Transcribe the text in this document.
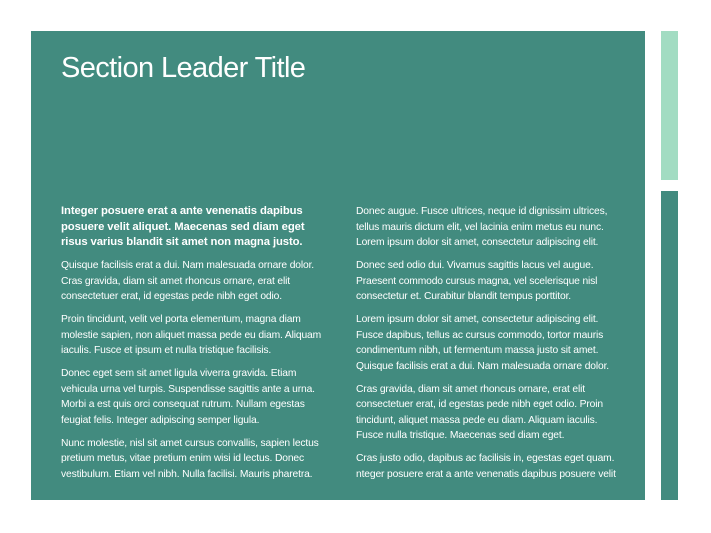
Section Leader Title

Integer posuere erat a ante venenatis dapibus posuere velit aliquet. Maecenas sed diam eget risus varius blandit sit amet non magna justo.

Quisque facilisis erat a dui. Nam malesuada ornare dolor. Cras gravida, diam sit amet rhoncus ornare, erat elit consectetuer erat, id egestas pede nibh eget odio.

Proin tincidunt, velit vel porta elementum, magna diam molestie sapien, non aliquet massa pede eu diam. Aliquam iaculis. Fusce et ipsum et nulla tristique facilisis.

Donec eget sem sit amet ligula viverra gravida. Etiam vehicula urna vel turpis. Suspendisse sagittis ante a urna. Morbi a est quis orci consequat rutrum. Nullam egestas feugiat felis. Integer adipiscing semper ligula.

Nunc molestie, nisl sit amet cursus convallis, sapien lectus pretium metus, vitae pretium enim wisi id lectus. Donec vestibulum. Etiam vel nibh. Nulla facilisi. Mauris pharetra.

Donec augue. Fusce ultrices, neque id dignissim ultrices, tellus mauris dictum elit, vel lacinia enim metus eu nunc. Lorem ipsum dolor sit amet, consectetur adipiscing elit.

Donec sed odio dui. Vivamus sagittis lacus vel augue. Praesent commodo cursus magna, vel scelerisque nisl consectetur et. Curabitur blandit tempus porttitor.

Lorem ipsum dolor sit amet, consectetur adipiscing elit. Fusce dapibus, tellus ac cursus commodo, tortor mauris condimentum nibh, ut fermentum massa justo sit amet. Quisque facilisis erat a dui. Nam malesuada ornare dolor.

Cras gravida, diam sit amet rhoncus ornare, erat elit consectetuer erat, id egestas pede nibh eget odio. Proin tincidunt, aliquet massa pede eu diam. Aliquam iaculis. Fusce nulla tristique. Maecenas sed diam eget.

Cras justo odio, dapibus ac facilisis in, egestas eget quam. nteger posuere erat a ante venenatis dapibus posuere velit
